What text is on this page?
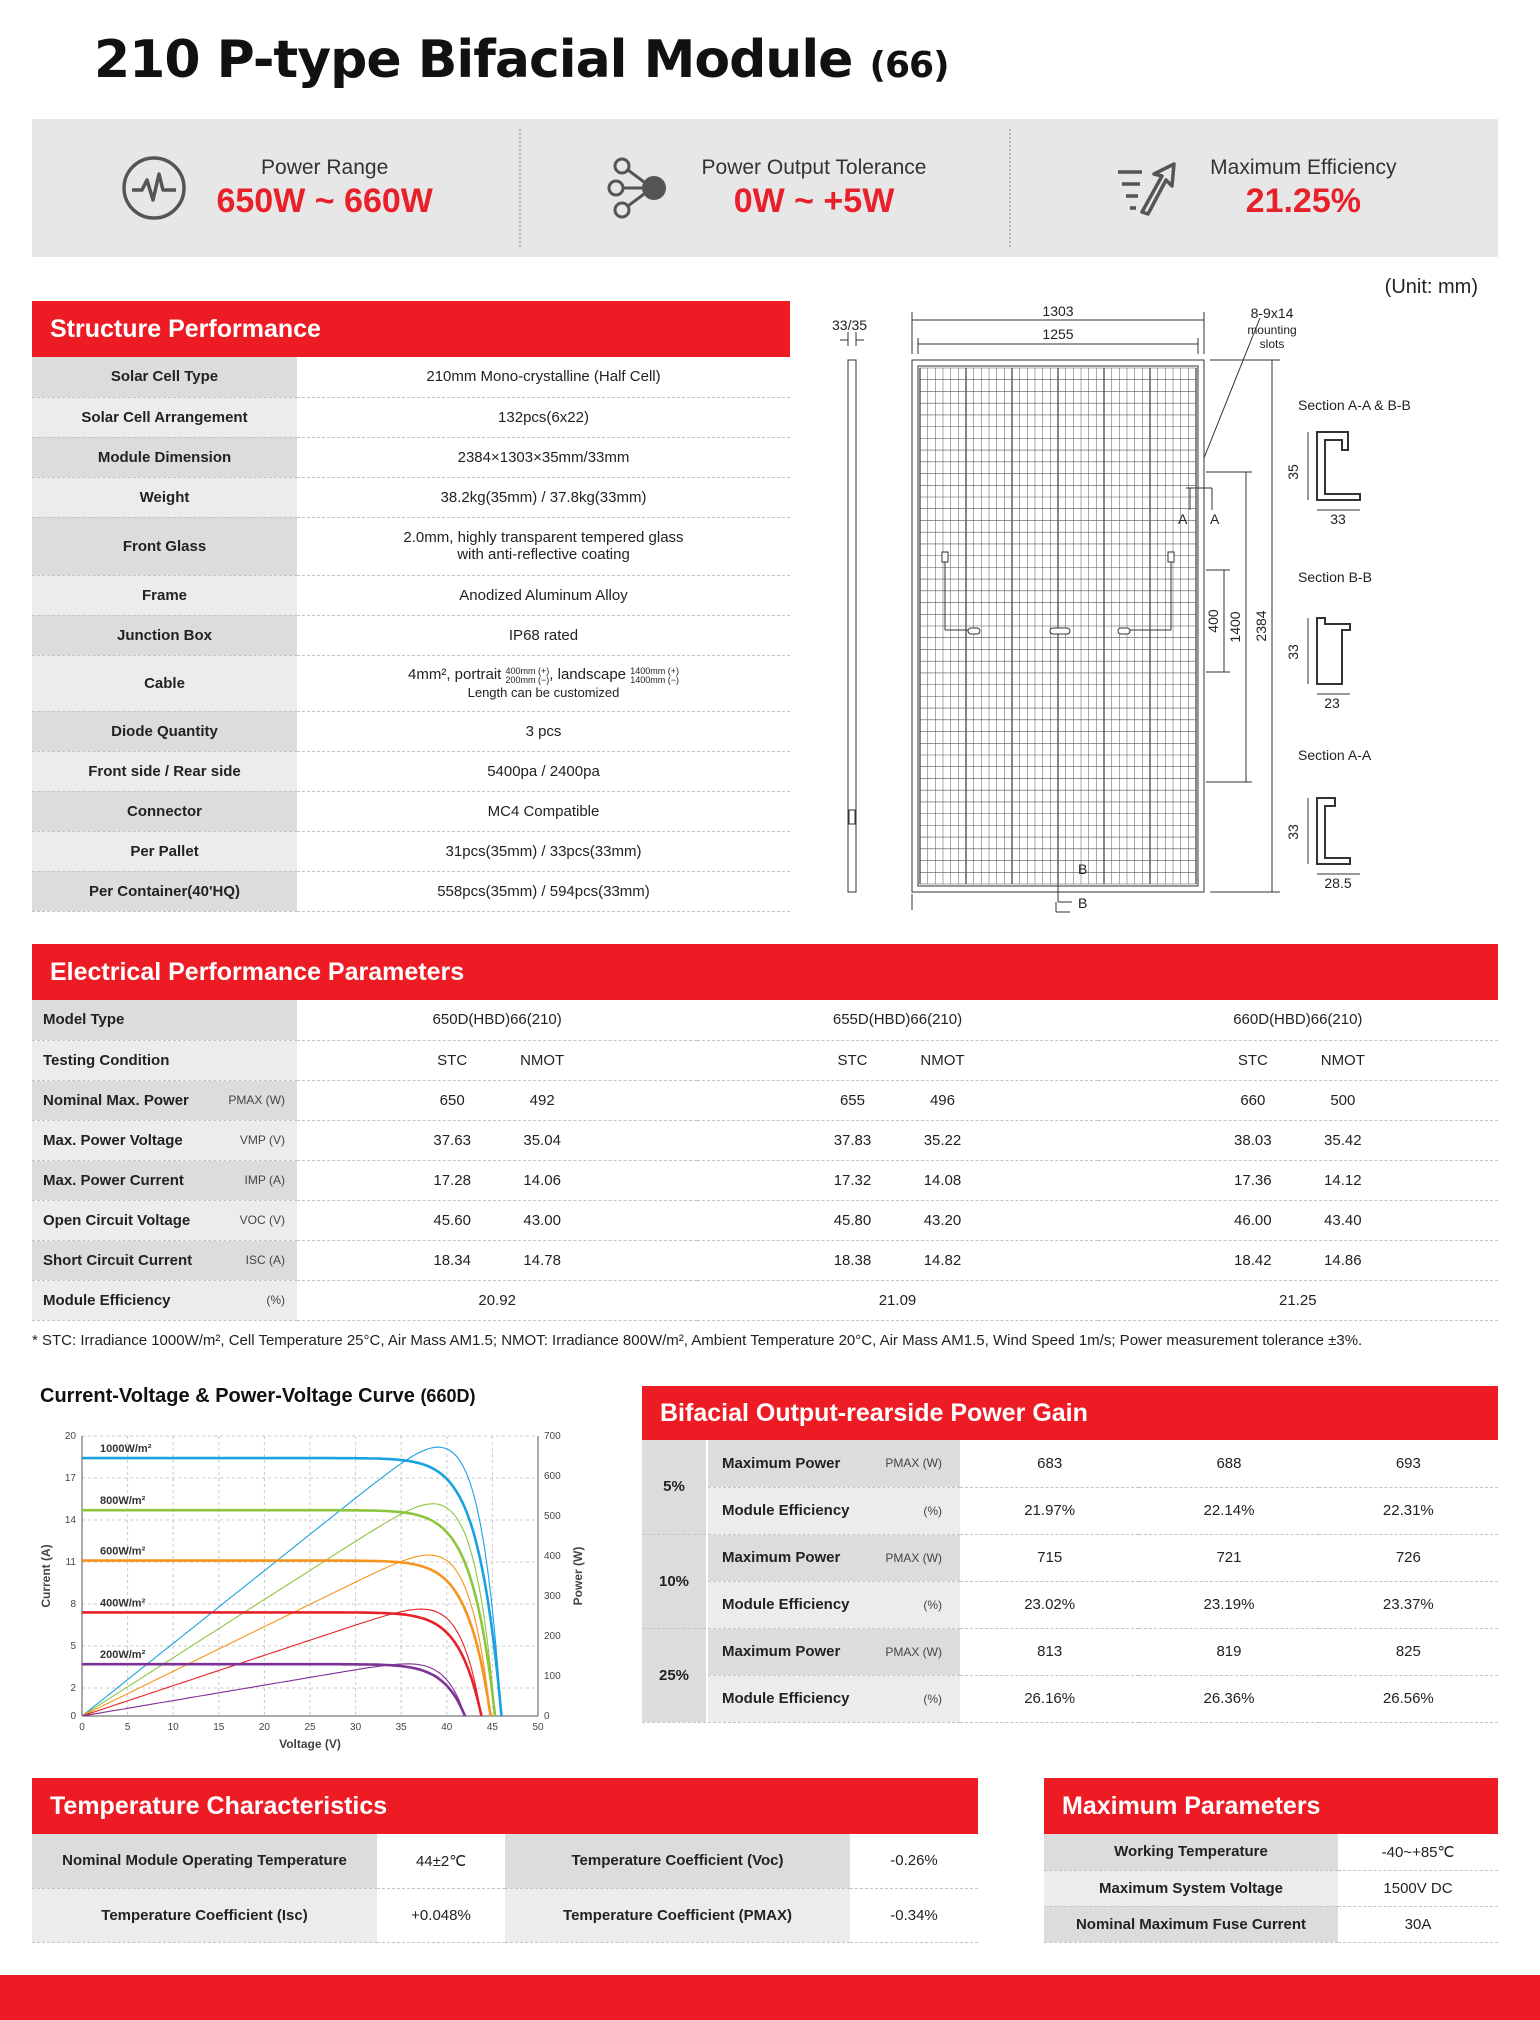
210 P-type Bifacial Module (66)
Power Range
650W ~ 660W
Power Output Tolerance
0W ~ +5W
Maximum Efficiency
21.25%
(Unit: mm)
Structure Performance
Solar Cell Type	210mm Mono-crystalline (Half Cell)
Solar Cell Arrangement	132pcs(6x22)
Module Dimension	2384×1303×35mm/33mm
Weight	38.2kg(35mm) / 37.8kg(33mm)
Front Glass	2.0mm, highly transparent tempered glass
with anti-reflective coating

Frame	Anodized Aluminum Alloy
Junction Box	IP68 rated
Cable	4mm², portrait 400mm (+)
200mm (−), landscape 1400mm (+)
1400mm (−)
Length can be customized

Diode Quantity	3 pcs
Front side / Rear side	5400pa / 2400pa
Connector	MC4 Compatible
Per Pallet	31pcs(35mm) / 33pcs(33mm)
Per Container(40'HQ)	558pcs(35mm) / 594pcs(33mm)
33/35
1303
1255
8-9x14
mounting
slots
2384
1400
400
A A
B
B
Section A-A & B-B
35
33
Section B-B
33
23
Section A-A
33
28.5
Electrical Performance Parameters
Model Type	650D(HBD)66(210)	655D(HBD)66(210)	660D(HBD)66(210)
Testing Condition	STC NMOT	STC NMOT	STC NMOT

Nominal Max. Power PMAX (W)	650 492	655 496	660 500

Max. Power Voltage VMP (V)	37.63 35.04	37.83 35.22	38.03 35.42

Max. Power Current IMP (A)	17.28 14.06	17.32 14.08	17.36 14.12

Open Circuit Voltage VOC (V)	45.60 43.00	45.80 43.20	46.00 43.40

Short Circuit Current ISC (A)	18.34 14.78	18.38 14.82	18.42 14.86

Module Efficiency (%)	20.92	21.09	21.25
* STC: Irradiance 1000W/m², Cell Temperature 25°C, Air Mass AM1.5; NMOT: Irradiance 800W/m², Ambient Temperature 20°C, Air Mass AM1.5, Wind Speed 1m/s; Power measurement tolerance ±3%.
Current-Voltage & Power-Voltage Curve (660D)
0	5	10	15	20	25	30	35	40	45	50
0
2
5
8
11
14
17
20
0
100
200
300
400
500
600
700
Voltage (V)
Current (A)	Power (W)
1000W/m²
800W/m²
600W/m²
400W/m²
200W/m²
Bifacial Output-rearside Power Gain
5%	Maximum Power PMAX (W)	683	688	693
	Module Efficiency (%)	21.97%	22.14%	22.31%
10%	Maximum Power PMAX (W)	715	721	726
	Module Efficiency (%)	23.02%	23.19%	23.37%
25%	Maximum Power PMAX (W)	813	819	825
	Module Efficiency (%)	26.16%	26.36%	26.56%
Temperature Characteristics
Nominal Module Operating Temperature	44±2℃	Temperature Coefficient (Voc)	-0.26%
Temperature Coefficient (Isc)	+0.048%	Temperature Coefficient (PMAX)	-0.34%
Maximum Parameters
Working Temperature	-40~+85℃
Maximum System Voltage	1500V DC
Nominal Maximum Fuse Current	30A
